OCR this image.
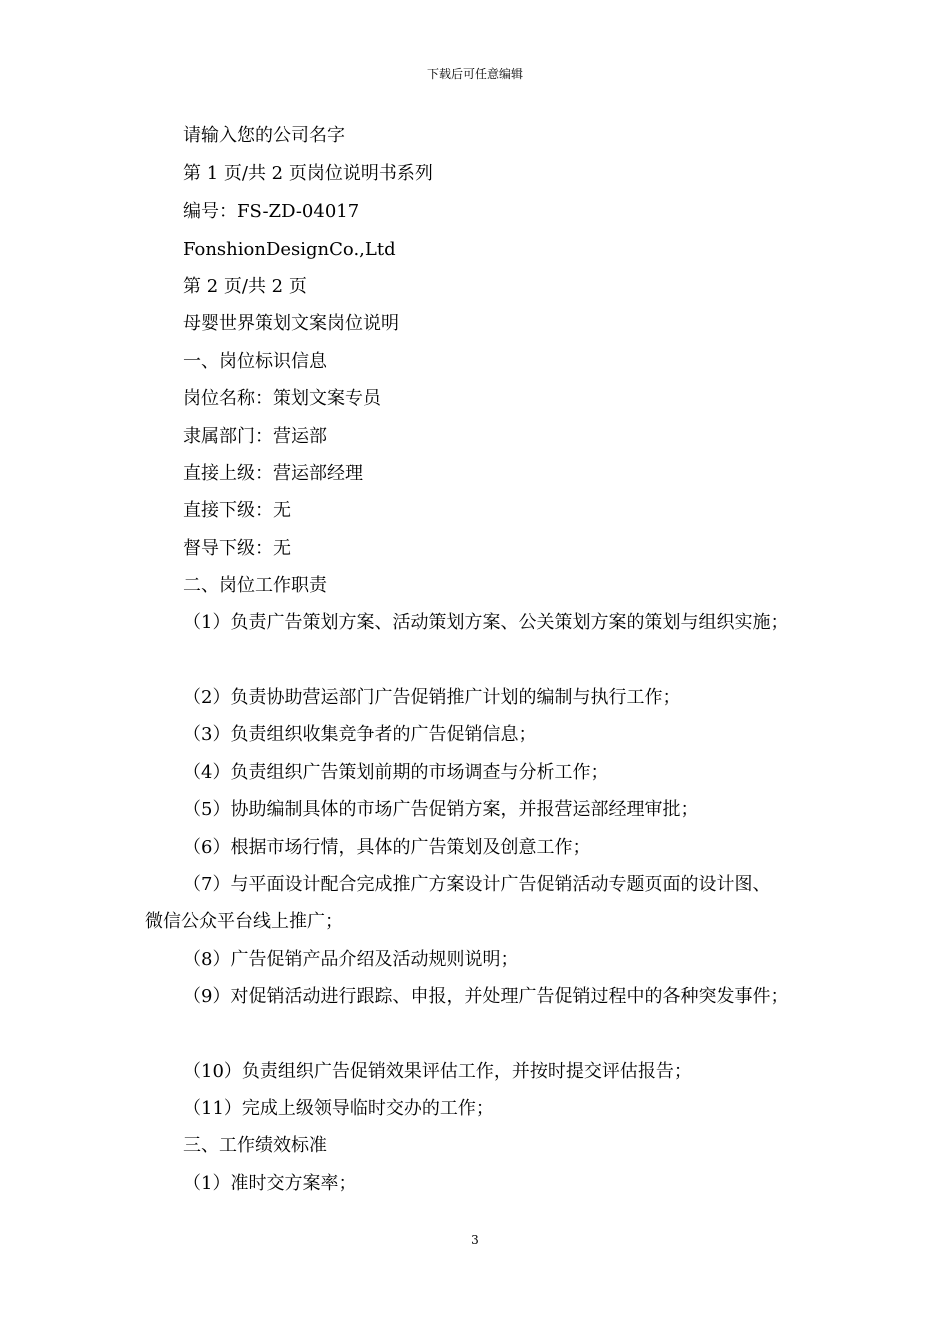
下载后可任意编辑
请输入您的公司名字
第 1 页/共 2 页岗位说明书系列
编号：FS-ZD-04017
FonshionDesignCo.,Ltd
第 2 页/共 2 页
母婴世界策划文案岗位说明
一、岗位标识信息
岗位名称：策划文案专员
隶属部门：营运部
直接上级：营运部经理
直接下级：无
督导下级：无
二、岗位工作职责
（1）负责广告策划方案、活动策划方案、公关策划方案的策划与组织实施；
（2）负责协助营运部门广告促销推广计划的编制与执行工作；
（3）负责组织收集竞争者的广告促销信息；
（4）负责组织广告策划前期的市场调查与分析工作；
（5）协助编制具体的市场广告促销方案，并报营运部经理审批；
（6）根据市场行情，具体的广告策划及创意工作；
（7）与平面设计配合完成推广方案设计广告促销活动专题页面的设计图、
微信公众平台线上推广；
（8）广告促销产品介绍及活动规则说明；
（9）对促销活动进行跟踪、申报，并处理广告促销过程中的各种突发事件；
（10）负责组织广告促销效果评估工作，并按时提交评估报告；
（11）完成上级领导临时交办的工作；
三、工作绩效标准
（1）准时交方案率；
3
